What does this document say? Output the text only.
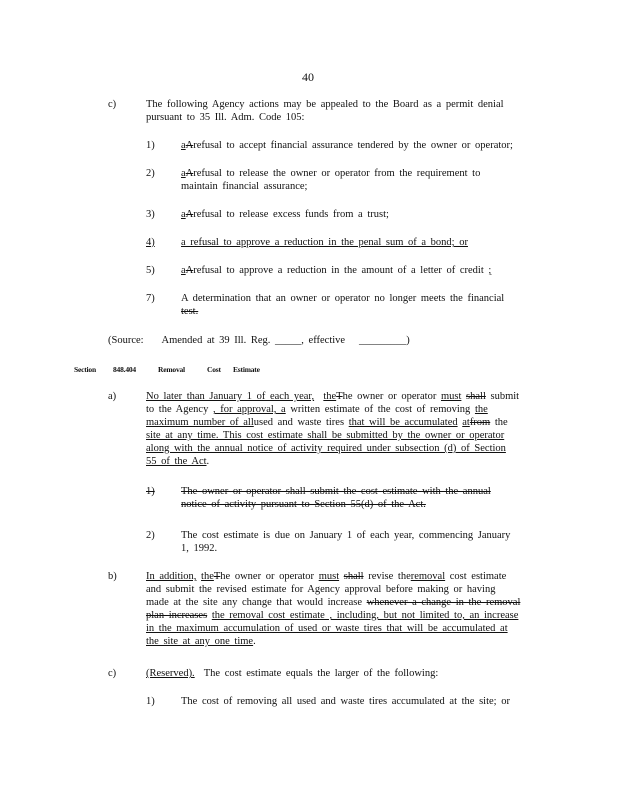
40
c)	The following Agency actions may be appealed to the Board as a permit denial
pursuant to 35 Ill. Adm. Code 105:
1)	aArefusal to accept financial assurance tendered by the owner or operator;
2)	aArefusal to release the owner or operator from the requirement to
maintain financial assurance;
3)	aArefusal to release excess funds from a trust;
4)	a refusal to approve a reduction in the penal sum of a bond; or
5)	aArefusal to approve a reduction in the amount of a letter of credit ;
7)	A determination that an owner or operator no longer meets the financial
test.
(Source: Amended at 39 Ill. Reg. _____, effective _________)
Section 848.404	Removal	Cost Estimate
a)	No later than January 1 of each year, theThe owner or operator must shall submit
to the Agency , for approval, a written estimate of the cost of removing the
maximum number of allused and waste tires that will be accumulated atfrom the
site at any time. This cost estimate shall be submitted by the owner or operator
along with the annual notice of activity required under subsection (d) of Section
55 of the Act.
1)	The owner or operator shall submit the cost estimate with the annual
notice of activity pursuant to Section 55(d) of the Act.
2)	The cost estimate is due on January 1 of each year, commencing January
1, 1992.
b)	In addition, theThe owner or operator must shall revise theremoval cost estimate
and submit the revised estimate for Agency approval before making or having
made at the site any change that would increase whenever a change in the removal
plan increases the removal cost estimate , including, but not limited to, an increase
in the maximum accumulation of used or waste tires that will be accumulated at
the site at any one time.
c)	(Reserved). The cost estimate equals the larger of the following:
1)	The cost of removing all used and waste tires accumulated at the site; or
